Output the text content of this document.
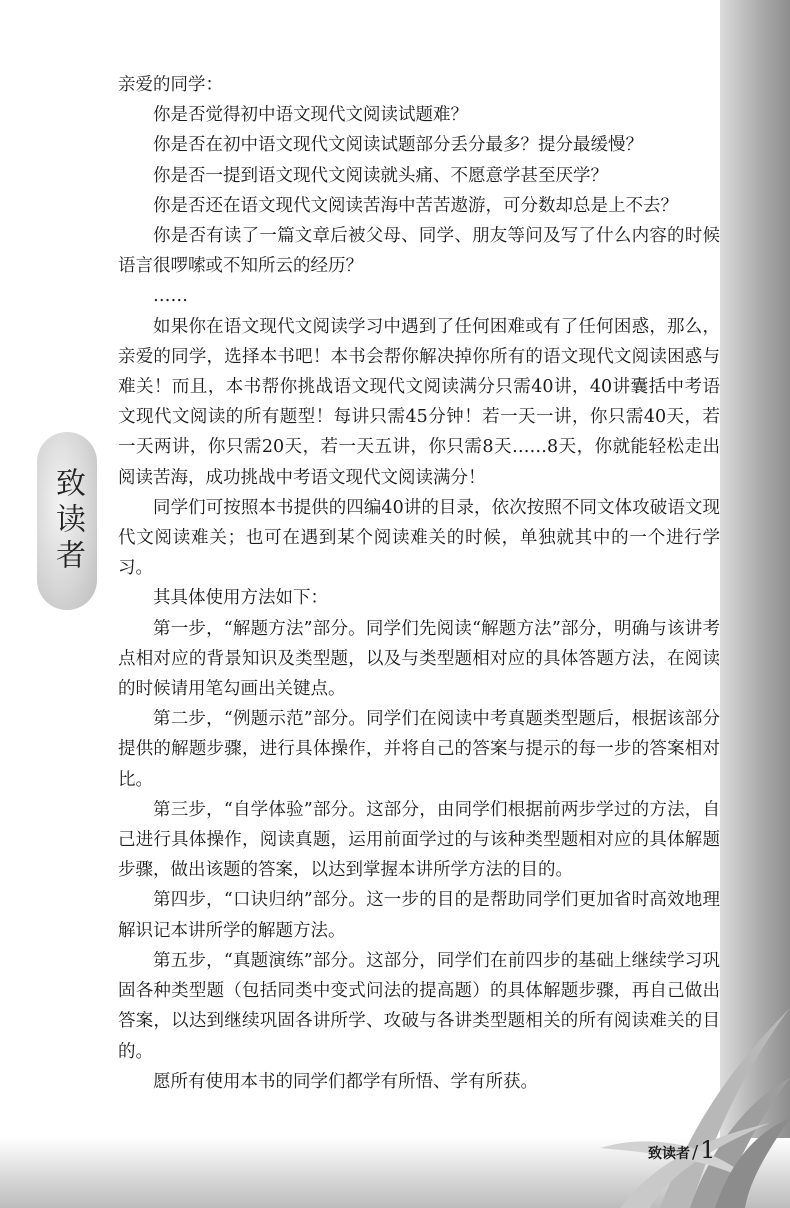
致读者

亲爱的同学：

你是否觉得初中语文现代文阅读试题难？

你是否在初中语文现代文阅读试题部分丢分最多？提分最缓慢？

你是否一提到语文现代文阅读就头痛、不愿意学甚至厌学？

你是否还在语文现代文阅读苦海中苦苦遨游，可分数却总是上不去？

你是否有读了一篇文章后被父母、同学、朋友等问及写了什么内容的时候语言很啰嗦或不知所云的经历？

……

如果你在语文现代文阅读学习中遇到了任何困难或有了任何困惑，那么，亲爱的同学，选择本书吧！本书会帮你解决掉你所有的语文现代文阅读困惑与难关！而且，本书帮你挑战语文现代文阅读满分只需40讲，40讲囊括中考语文现代文阅读的所有题型！每讲只需45分钟！若一天一讲，你只需40天，若一天两讲，你只需20天，若一天五讲，你只需8天……8天，你就能轻松走出阅读苦海，成功挑战中考语文现代文阅读满分！

同学们可按照本书提供的四编40讲的目录，依次按照不同文体攻破语文现代文阅读难关；也可在遇到某个阅读难关的时候，单独就其中的一个进行学习。

其具体使用方法如下：

第一步，“解题方法”部分。同学们先阅读“解题方法”部分，明确与该讲考点相对应的背景知识及类型题，以及与类型题相对应的具体答题方法，在阅读的时候请用笔勾画出关键点。

第二步，“例题示范”部分。同学们在阅读中考真题类型题后，根据该部分提供的解题步骤，进行具体操作，并将自己的答案与提示的每一步的答案相对比。

第三步，“自学体验”部分。这部分，由同学们根据前两步学过的方法，自己进行具体操作，阅读真题，运用前面学过的与该种类型题相对应的具体解题步骤，做出该题的答案，以达到掌握本讲所学方法的目的。

第四步，“口诀归纳”部分。这一步的目的是帮助同学们更加省时高效地理解识记本讲所学的解题方法。

第五步，“真题演练”部分。这部分，同学们在前四步的基础上继续学习巩固各种类型题（包括同类中变式问法的提高题）的具体解题步骤，再自己做出答案，以达到继续巩固各讲所学、攻破与各讲类型题相关的所有阅读难关的目的。

愿所有使用本书的同学们都学有所悟、学有所获。

致读者 / 1
